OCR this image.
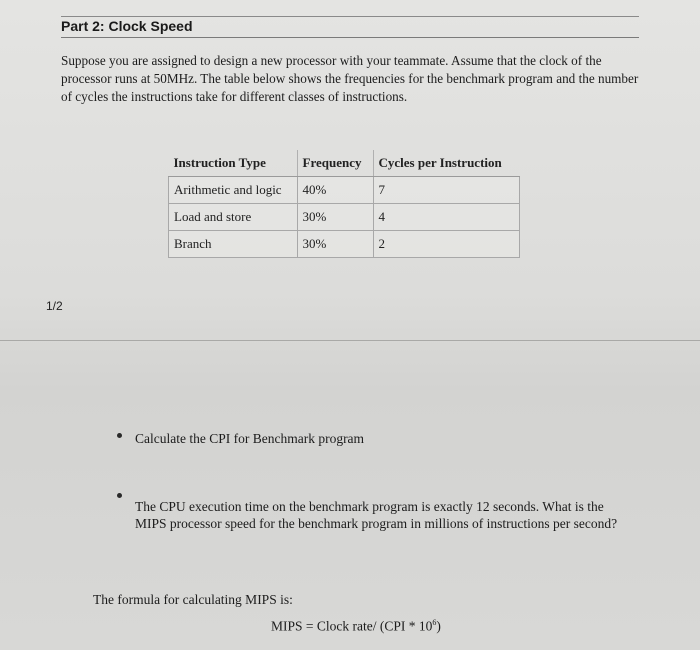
Part 2: Clock Speed
Suppose you are assigned to design a new processor with your teammate. Assume that the clock of the processor runs at 50MHz. The table below shows the frequencies for the benchmark program and the number of cycles the instructions take for different classes of instructions.
Instruction Type	Frequency	Cycles per Instruction
Arithmetic and logic	40%	7
Load and store	30%	4
Branch	30%	2
1/2
Calculate the CPI for Benchmark program
The CPU execution time on the benchmark program is exactly 12 seconds. What is the MIPS processor speed for the benchmark program in millions of instructions per second?
The formula for calculating MIPS is:
MIPS = Clock rate/ $(CPI * 10^6)$
